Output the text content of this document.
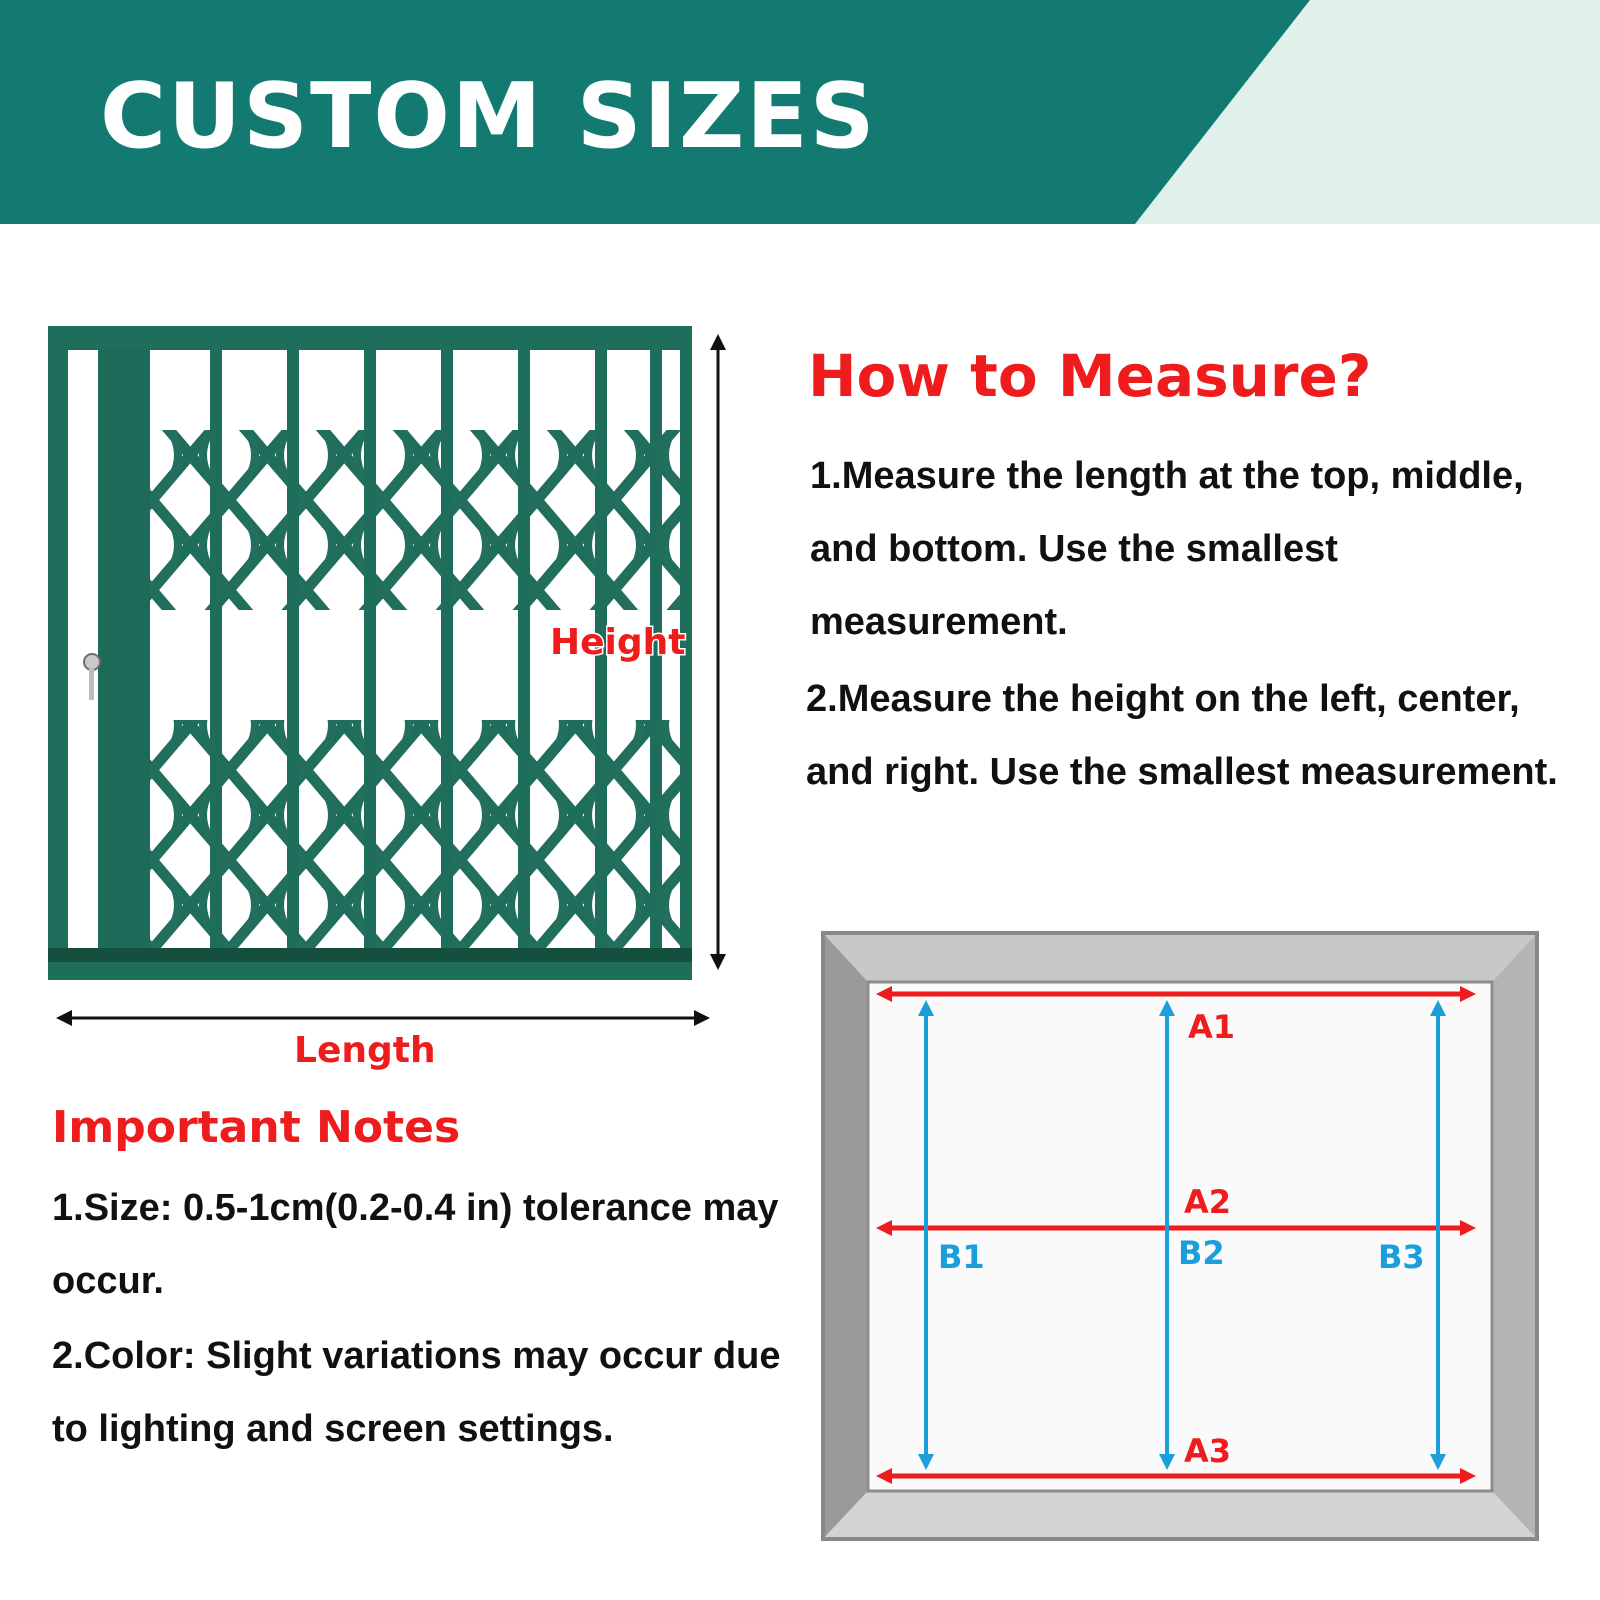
CUSTOM SIZES
Height
Length
How to Measure?

1.Measure the length at the top, middle, and bottom. Use the smallest measurement.

2.Measure the height on the left, center, and right. Use the smallest measurement.

Important Notes

1.Size: 0.5-1cm(0.2-0.4 in) tolerance may occur.

2.Color: Slight variations may occur due to lighting and screen settings.

A1
A2
A3
B1	B2	B3
